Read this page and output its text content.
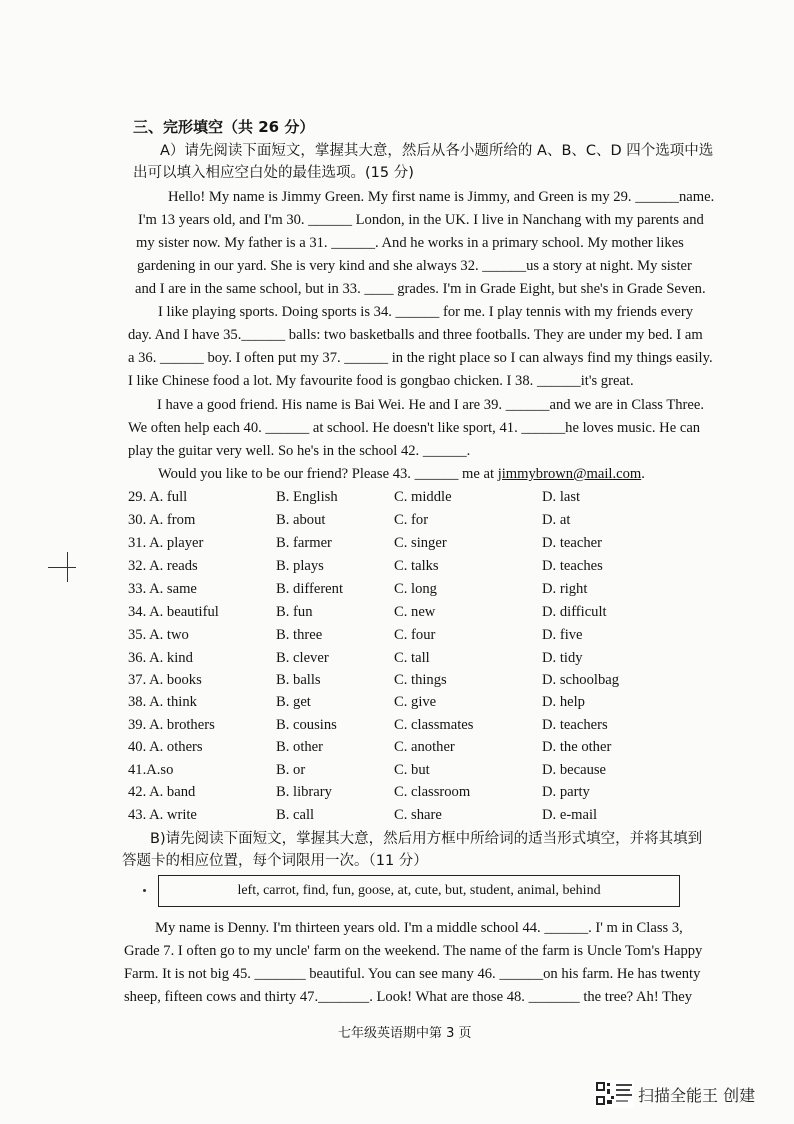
三、完形填空（共 26 分）
A）请先阅读下面短文，掌握其大意，然后从各小题所给的 A、B、C、D 四个选项中选
出可以填入相应空白处的最佳选项。(15 分)
Hello! My name is Jimmy Green. My first name is Jimmy, and Green is my 29. ______name.
I'm 13 years old, and I'm 30. ______ London, in the UK. I live in Nanchang with my parents and
my sister now. My father is a 31. ______. And he works in a primary school. My mother likes
gardening in our yard. She is very kind and she always 32. ______us a story at night. My sister
and I are in the same school, but in 33. ____ grades. I'm in Grade Eight, but she's in Grade Seven.
I like playing sports. Doing sports is 34. ______ for me. I play tennis with my friends every
day. And I have 35.______ balls: two basketballs and three footballs. They are under my bed. I am
a 36. ______ boy. I often put my 37. ______ in the right place so I can always find my things easily.
I like Chinese food a lot. My favourite food is gongbao chicken. I 38. ______it's great.
I have a good friend. His name is Bai Wei. He and I are 39. ______and we are in Class Three.
We often help each 40. ______ at school. He doesn't like sport, 41. ______he loves music. He can
play the guitar very well. So he's in the school 42. ______.
Would you like to be our friend? Please 43. ______ me at jimmybrown@mail.com.
29. A. full	B. English	C. middle	D. last
30. A. from	B. about	C. for	D. at
31. A. player	B. farmer	C. singer	D. teacher
32. A. reads	B. plays	C. talks	D. teaches
33. A. same	B. different	C. long	D. right
34. A. beautiful	B. fun	C. new	D. difficult
35. A. two	B. three	C. four	D. five
36. A. kind	B. clever	C. tall	D. tidy
37. A. books	B. balls	C. things	D. schoolbag
38. A. think	B. get	C. give	D. help
39. A. brothers	B. cousins	C. classmates	D. teachers
40. A. others	B. other	C. another	D. the other
41.A.so	B. or	C. but	D. because
42. A. band	B. library	C. classroom	D. party
43. A. write	B. call	C. share	D. e-mail
B)请先阅读下面短文，掌握其大意，然后用方框中所给词的适当形式填空，并将其填到
答题卡的相应位置，每个词限用一次。（11 分）
left, carrot, find, fun, goose, at, cute, but, student, animal, behind
My name is Denny. I'm thirteen years old. I'm a middle school 44. ______. I' m in Class 3,
Grade 7. I often go to my uncle' farm on the weekend. The name of the farm is Uncle Tom's Happy
Farm. It is not big 45. _______ beautiful. You can see many 46. ______on his farm. He has twenty
sheep, fifteen cows and thirty 47._______. Look! What are those 48. _______ the tree? Ah! They
七年级英语期中第 3 页
扫描全能王 创建
